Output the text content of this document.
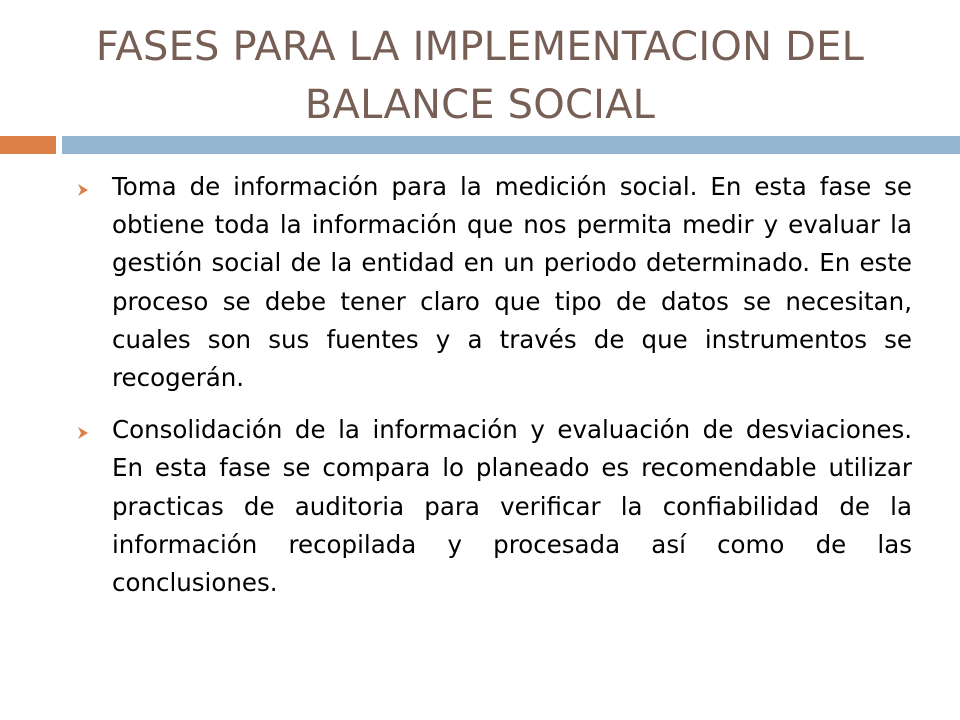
FASES PARA LA IMPLEMENTACION DEL
BALANCE SOCIAL
Toma de información para la medición social. En esta fase se obtiene toda la información que nos permita medir y evaluar la gestión social de la entidad en un periodo determinado. En este proceso se debe tener claro que tipo de datos se necesitan, cuales son sus fuentes y a través de que instrumentos se recogerán.
Consolidación de la información y evaluación de desviaciones. En esta fase se compara lo planeado es recomendable utilizar practicas de auditoria para verificar la confiabilidad de la información recopilada y procesada así como de las conclusiones.
